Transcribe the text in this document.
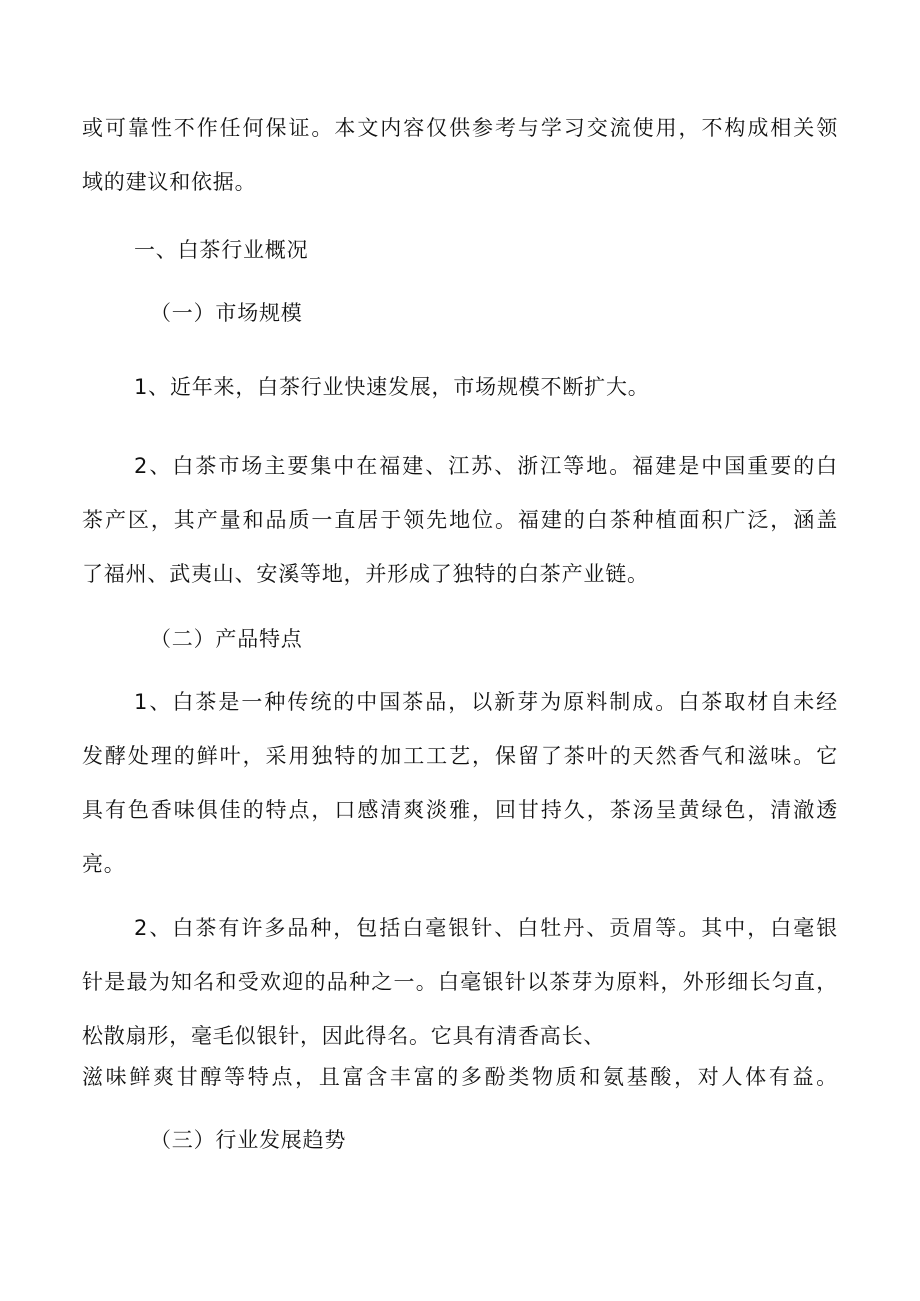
或可靠性不作任何保证。本文内容仅供参考与学习交流使用，不构成相关领
域的建议和依据。
一、白茶行业概况
（一）市场规模
1、近年来，白茶行业快速发展，市场规模不断扩大。
2、白茶市场主要集中在福建、江苏、浙江等地。福建是中国重要的白
茶产区，其产量和品质一直居于领先地位。福建的白茶种植面积广泛，涵盖
了福州、武夷山、安溪等地，并形成了独特的白茶产业链。
（二）产品特点
1、白茶是一种传统的中国茶品，以新芽为原料制成。白茶取材自未经
发酵处理的鲜叶，采用独特的加工工艺，保留了茶叶的天然香气和滋味。它
具有色香味俱佳的特点，口感清爽淡雅，回甘持久，茶汤呈黄绿色，清澈透
亮。
2、白茶有许多品种，包括白毫银针、白牡丹、贡眉等。其中，白毫银
针是最为知名和受欢迎的品种之一。白毫银针以茶芽为原料，外形细长匀直，
松散扇形，毫毛似银针，因此得名。它具有清香高长、
滋味鲜爽甘醇等特点，且富含丰富的多酚类物质和氨基酸，对人体有益。
（三）行业发展趋势
